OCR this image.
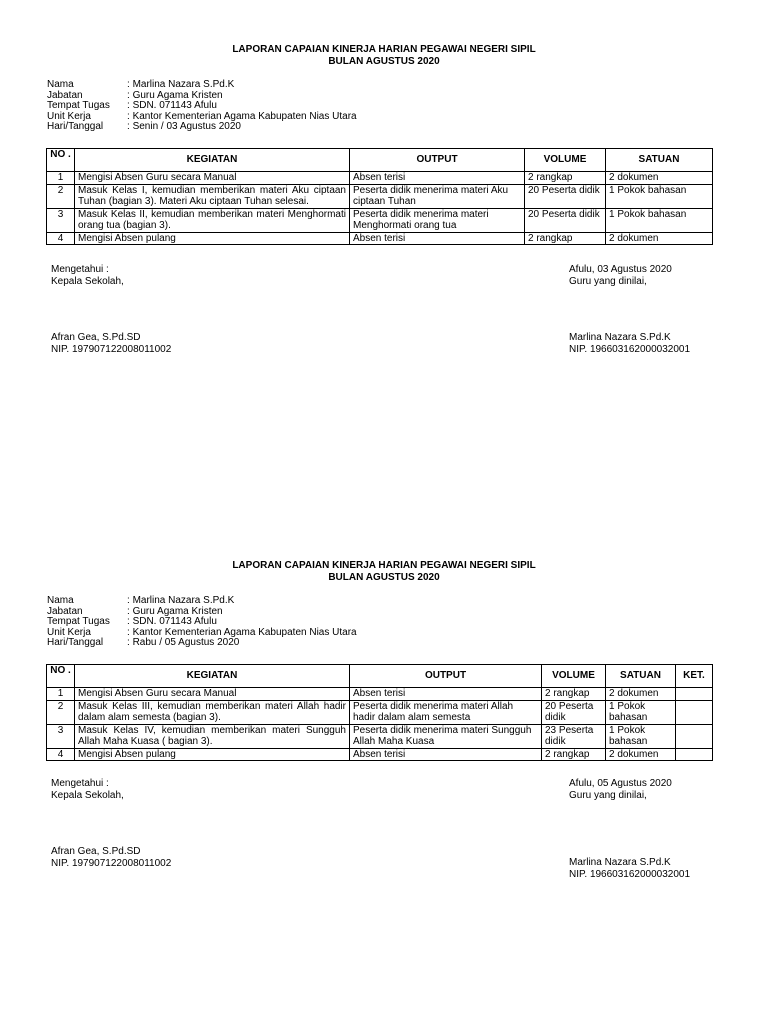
LAPORAN CAPAIAN KINERJA HARIAN PEGAWAI NEGERI SIPIL
BULAN AGUSTUS 2020
Nama	: Marlina Nazara S.Pd.K
Jabatan	: Guru Agama Kristen
Tempat Tugas	: SDN. 071143 Afulu
Unit Kerja	: Kantor Kementerian Agama Kabupaten Nias Utara
Hari/Tanggal	: Senin / 03 Agustus 2020
NO .	KEGIATAN	OUTPUT	VOLUME	SATUAN
1	Mengisi Absen Guru secara Manual	Absen terisi	2 rangkap	2 dokumen
2	Masuk Kelas I, kemudian memberikan materi Aku ciptaan Tuhan (bagian 3). Materi Aku ciptaan Tuhan selesai.	Peserta didik menerima materi Aku ciptaan Tuhan	20 Peserta didik	1 Pokok bahasan
3	Masuk Kelas II, kemudian memberikan materi Menghormati orang tua (bagian 3).	Peserta didik menerima materi Menghormati orang tua	20 Peserta didik	1 Pokok bahasan
4	Mengisi Absen pulang	Absen terisi	2 rangkap	2 dokumen
Mengetahui :
Kepala Sekolah,
Afran Gea, S.Pd.SD
NIP. 197907122008011002
Afulu, 03 Agustus 2020
Guru yang dinilai,
Marlina Nazara S.Pd.K
NIP. 196603162000032001
LAPORAN CAPAIAN KINERJA HARIAN PEGAWAI NEGERI SIPIL
BULAN AGUSTUS 2020
Nama	: Marlina Nazara S.Pd.K
Jabatan	: Guru Agama Kristen
Tempat Tugas	: SDN. 071143 Afulu
Unit Kerja	: Kantor Kementerian Agama Kabupaten Nias Utara
Hari/Tanggal	: Rabu / 05 Agustus 2020
NO .	KEGIATAN	OUTPUT	VOLUME	SATUAN	KET.
1	Mengisi Absen Guru secara Manual	Absen terisi	2 rangkap	2 dokumen	
2	Masuk Kelas III, kemudian memberikan materi Allah hadir dalam alam semesta (bagian 3).	Peserta didik menerima materi Allah hadir dalam alam semesta	20 Peserta didik	1 Pokok bahasan	
3	Masuk Kelas IV, kemudian memberikan materi Sungguh Allah Maha Kuasa ( bagian 3).	Peserta didik menerima materi Sungguh Allah Maha Kuasa	23 Peserta didik	1 Pokok bahasan	
4	Mengisi Absen pulang	Absen terisi	2 rangkap	2 dokumen	
Mengetahui :
Kepala Sekolah,
Afran Gea, S.Pd.SD
NIP. 197907122008011002
Afulu, 05 Agustus 2020
Guru yang dinilai,
Marlina Nazara S.Pd.K
NIP. 196603162000032001
